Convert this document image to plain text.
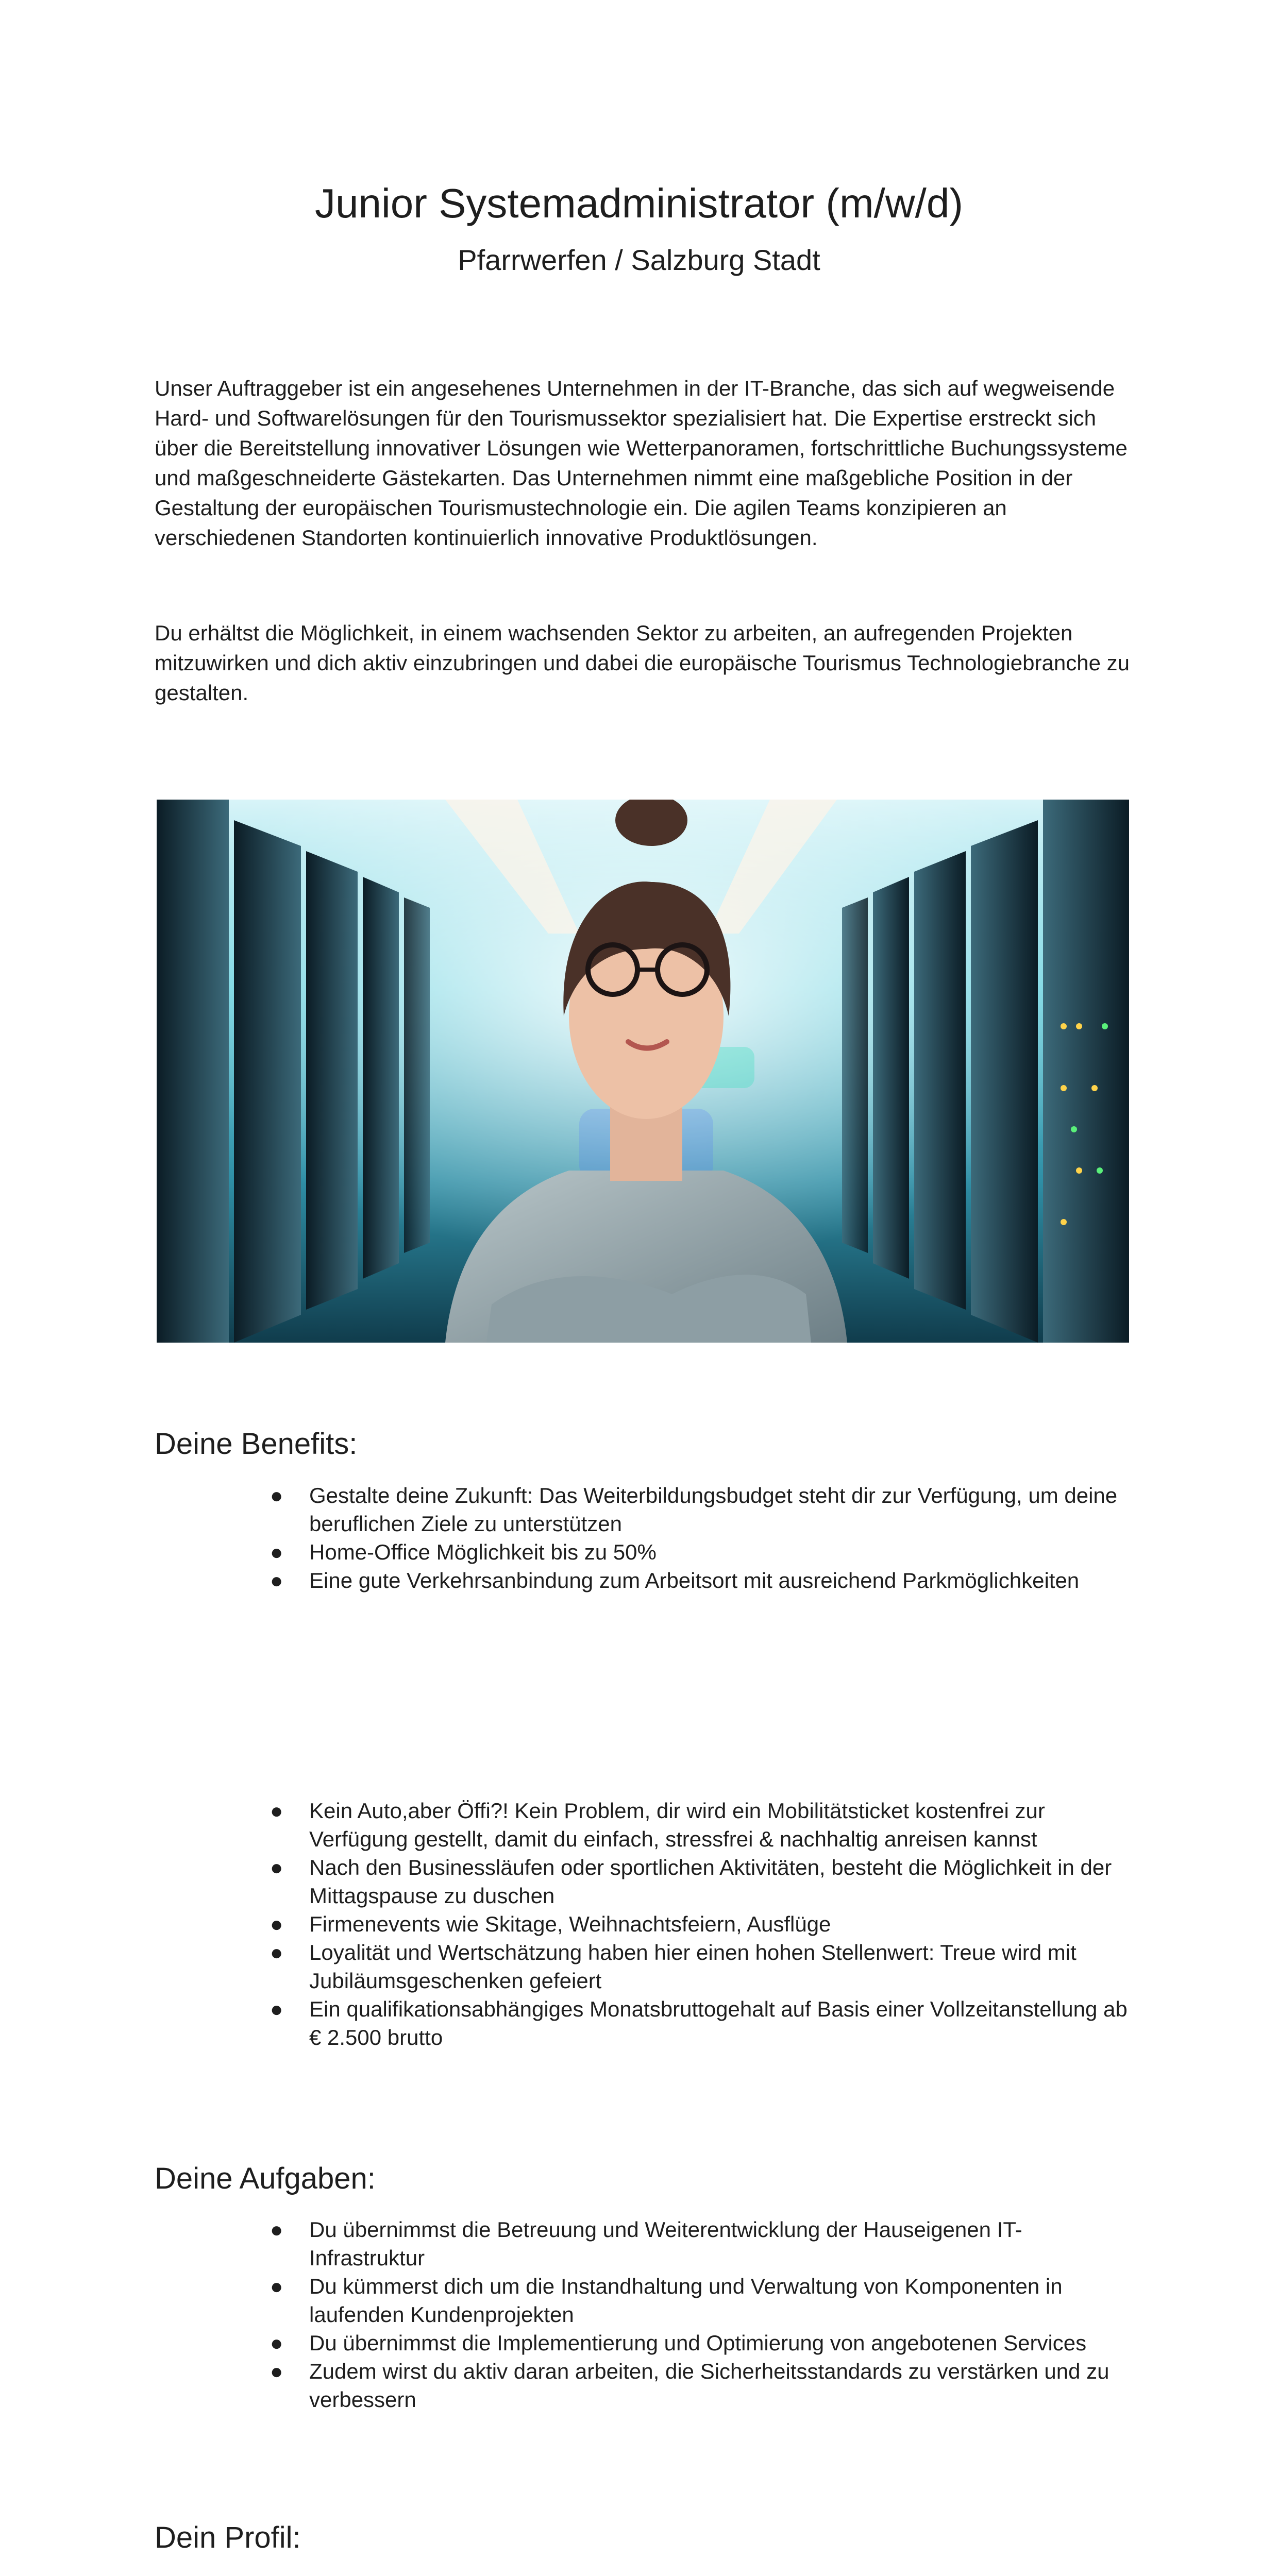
Junior Systemadministrator (m/w/d)

Pfarrwerfen / Salzburg Stadt

Unser Auftraggeber ist ein angesehenes Unternehmen in der IT-Branche, das sich auf wegweisende Hard- und Softwarelösungen für den Tourismussektor spezialisiert hat. Die Expertise erstreckt sich über die Bereitstellung innovativer Lösungen wie Wetterpanoramen, fortschrittliche Buchungssysteme und maßgeschneiderte Gästekarten. Das Unternehmen nimmt eine maßgebliche Position in der Gestaltung der europäischen Tourismustechnologie ein. Die agilen Teams konzipieren an verschiedenen Standorten kontinuierlich innovative Produktlösungen.

Du erhältst die Möglichkeit, in einem wachsenden Sektor zu arbeiten, an aufregenden Projekten mitzuwirken und dich aktiv einzubringen und dabei die europäische Tourismus Technologiebranche zu gestalten.

Deine Benefits:
● Gestalte deine Zukunft: Das Weiterbildungsbudget steht dir zur Verfügung, um deine beruflichen Ziele zu unterstützen
● Home-Office Möglichkeit bis zu 50%
● Eine gute Verkehrsanbindung zum Arbeitsort mit ausreichend Parkmöglichkeiten
● Kein Auto,aber Öffi?! Kein Problem, dir wird ein Mobilitätsticket kostenfrei zur Verfügung gestellt, damit du einfach, stressfrei & nachhaltig anreisen kannst
● Nach den Businessläufen oder sportlichen Aktivitäten, besteht die Möglichkeit in der Mittagspause zu duschen
● Firmenevents wie Skitage, Weihnachtsfeiern, Ausflüge
● Loyalität und Wertschätzung haben hier einen hohen Stellenwert: Treue wird mit Jubiläumsgeschenken gefeiert
● Ein qualifikationsabhängiges Monatsbruttogehalt auf Basis einer Vollzeitanstellung ab € 2.500 brutto
Deine Aufgaben:
● Du übernimmst die Betreuung und Weiterentwicklung der Hauseigenen IT-Infrastruktur
● Du kümmerst dich um die Instandhaltung und Verwaltung von Komponenten in laufenden Kundenprojekten
● Du übernimmst die Implementierung und Optimierung von angebotenen Services
● Zudem wirst du aktiv daran arbeiten, die Sicherheitsstandards zu verstärken und zu verbessern
Dein Profil:
